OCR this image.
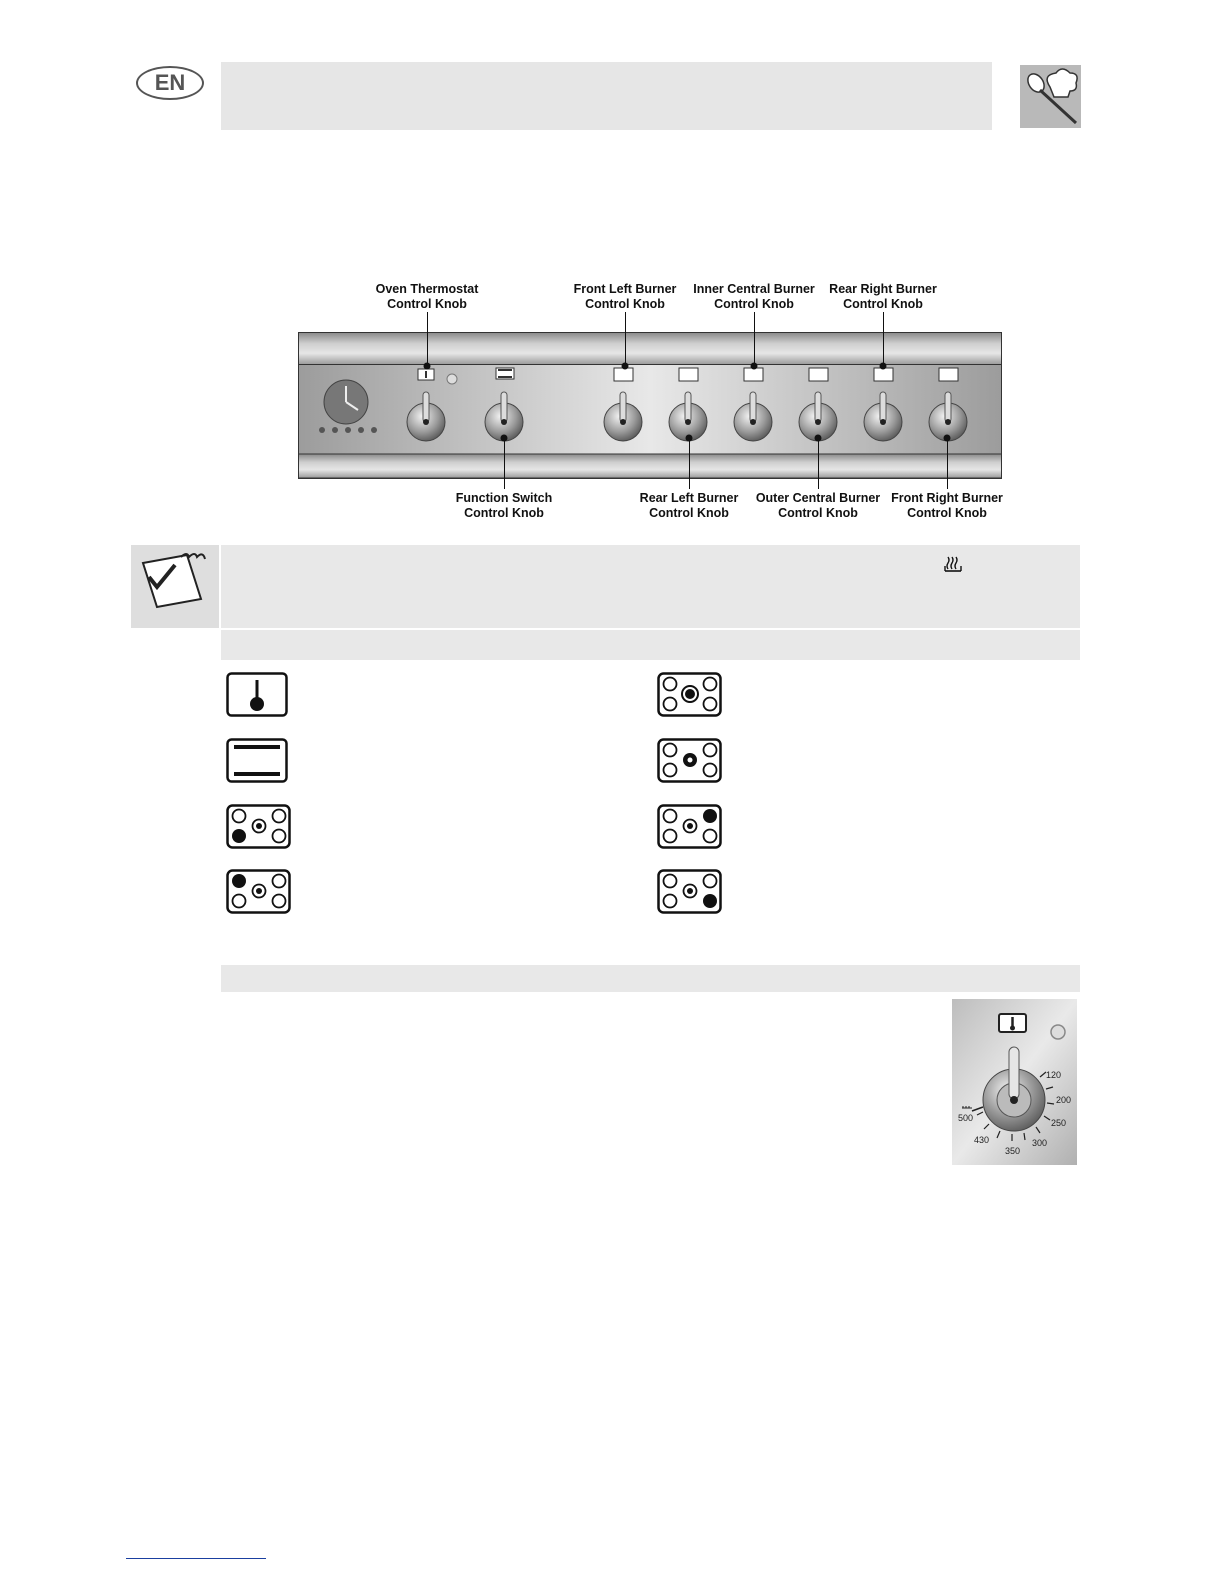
EN
Oven Thermostat
Control Knob
Front Left Burner
Control Knob
Inner Central Burner
Control Knob
Rear Right Burner
Control Knob
Function Switch
Control Knob
Rear Left Burner
Control Knob
Outer Central Burner
Control Knob
Front Right Burner
Control Knob
120
200
250
300
350
430
500
